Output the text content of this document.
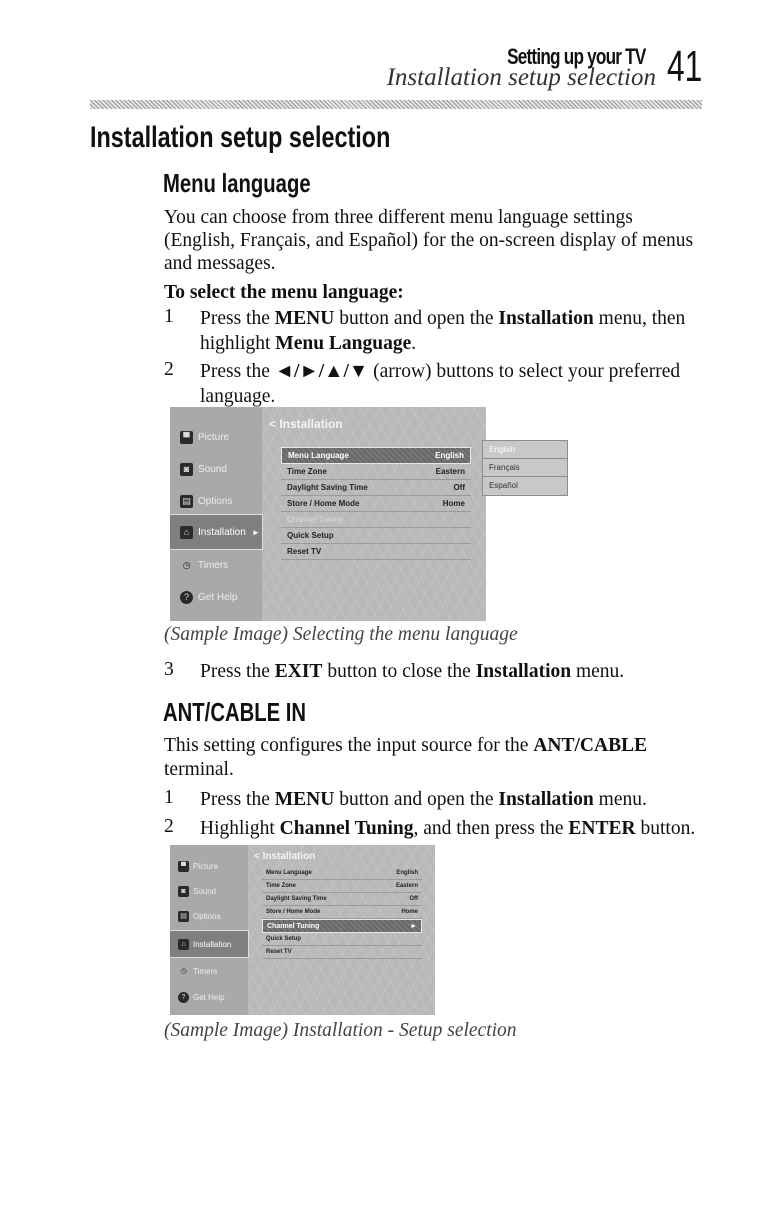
Setting up your TV
Installation setup selection 41
Installation setup selection
Menu language
You can choose from three different menu language settings (English, Français, and Español) for the on-screen display of menus and messages.
To select the menu language:
1 Press the MENU button and open the Installation menu, then highlight Menu Language.
2 Press the ◄/►/▲/▼ (arrow) buttons to select your preferred language.
▀ Picture
◙ Sound
▤ Options
⌂ Installation ►
◷ Timers
? Get Help
< Installation
Menu Language	English
Time Zone	Eastern
Daylight Saving Time	Off
Store / Home Mode	Home
Channel Tuning
Quick Setup
Reset TV
English
Français
Español
(Sample Image) Selecting the menu language
3 Press the EXIT button to close the Installation menu.
ANT/CABLE IN
This setting configures the input source for the ANT/CABLE terminal.
1 Press the MENU button and open the Installation menu.
2 Highlight Channel Tuning, and then press the ENTER button.
▀ Picture
◙ Sound
▤ Options
⌂ Installation
◷ Timers
? Get Help
< Installation
Menu Language	English
Time Zone	Eastern
Daylight Saving Time	Off
Store / Home Mode	Home
Channel Tuning	►
Quick Setup
Reset TV
(Sample Image) Installation - Setup selection
